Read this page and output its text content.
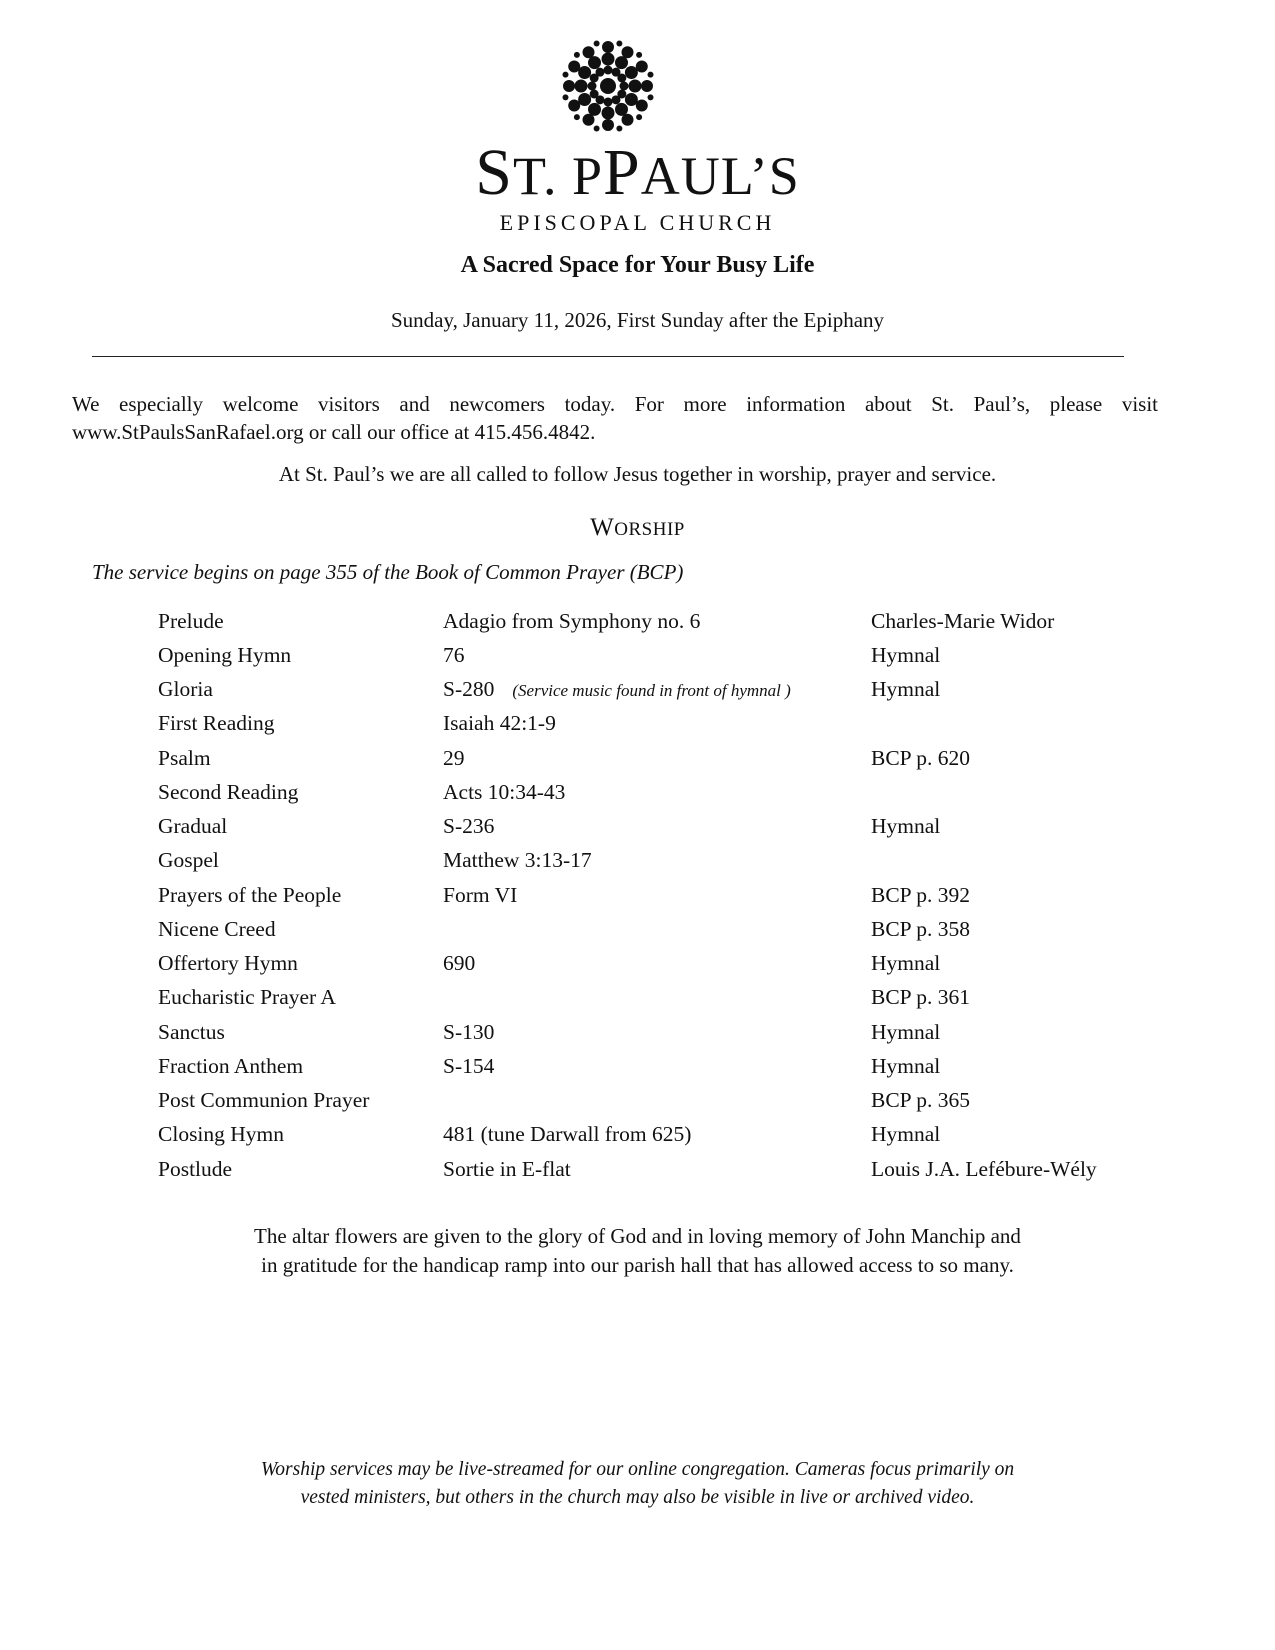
ST. PPAUL’S
EPISCOPAL CHURCH
A Sacred Space for Your Busy Life
Sunday, January 11, 2026, First Sunday after the Epiphany
We especially welcome visitors and newcomers today. For more information about St. Paul’s, please visit www.StPaulsSanRafael.org or call our office at 415.456.4842.
At St. Paul’s we are all called to follow Jesus together in worship, prayer and service.
WORSHIP
The service begins on page 355 of the Book of Common Prayer (BCP)
Prelude	Adagio from Symphony no. 6	Charles-Marie Widor
Opening Hymn	76	Hymnal
Gloria	S-280 (Service music found in front of hymnal )	Hymnal
First Reading	Isaiah 42:1-9	
Psalm	29	BCP p. 620
Second Reading	Acts 10:34-43	
Gradual	S-236	Hymnal
Gospel	Matthew 3:13-17	
Prayers of the People	Form VI	BCP p. 392
Nicene Creed		BCP p. 358
Offertory Hymn	690	Hymnal
Eucharistic Prayer A		BCP p. 361
Sanctus	S-130	Hymnal
Fraction Anthem	S-154	Hymnal
Post Communion Prayer		BCP p. 365
Closing Hymn	481 (tune Darwall from 625)	Hymnal
Postlude	Sortie in E-flat	Louis J.A. Lefébure-Wély
The altar flowers are given to the glory of God and in loving memory of John Manchip and
in gratitude for the handicap ramp into our parish hall that has allowed access to so many.
Worship services may be live-streamed for our online congregation. Cameras focus primarily on
vested ministers, but others in the church may also be visible in live or archived video.
